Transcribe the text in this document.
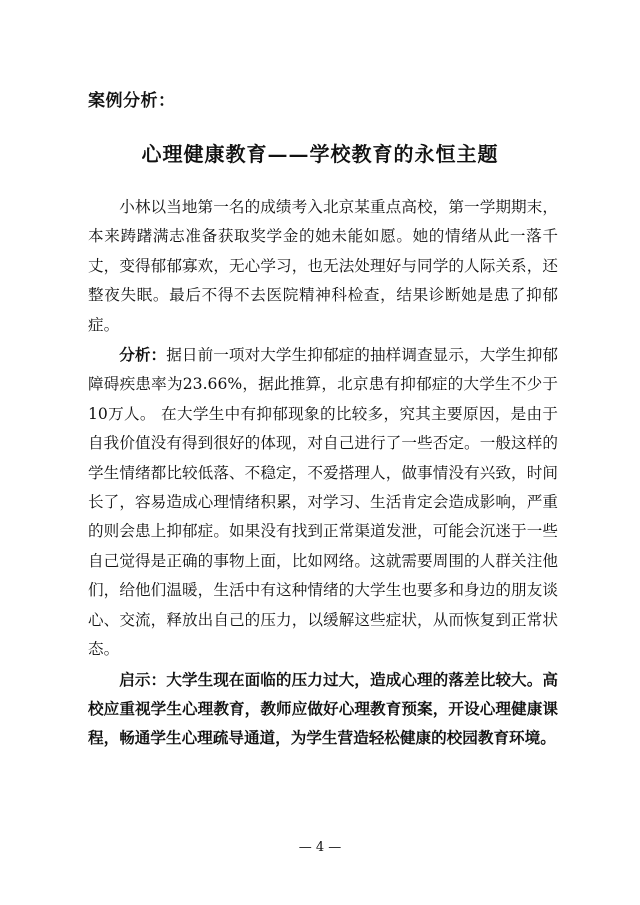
案例分析：
心理健康教育——学校教育的永恒主题

小林以当地第一名的成绩考入北京某重点高校，第一学期期末，本来踌躇满志准备获取奖学金的她未能如愿。她的情绪从此一落千丈，变得郁郁寡欢，无心学习，也无法处理好与同学的人际关系，还整夜失眠。最后不得不去医院精神科检查，结果诊断她是患了抑郁症。

分析：据日前一项对大学生抑郁症的抽样调查显示，大学生抑郁障碍疾患率为23.66%，据此推算，北京患有抑郁症的大学生不少于10万人。 在大学生中有抑郁现象的比较多，究其主要原因，是由于自我价值没有得到很好的体现，对自己进行了一些否定。一般这样的学生情绪都比较低落、不稳定，不爱搭理人，做事情没有兴致，时间长了，容易造成心理情绪积累，对学习、生活肯定会造成影响，严重的则会患上抑郁症。如果没有找到正常渠道发泄，可能会沉迷于一些自己觉得是正确的事物上面，比如网络。这就需要周围的人群关注他们，给他们温暖，生活中有这种情绪的大学生也要多和身边的朋友谈心、交流，释放出自己的压力，以缓解这些症状，从而恢复到正常状态。

启示：大学生现在面临的压力过大，造成心理的落差比较大。高校应重视学生心理教育，教师应做好心理教育预案，开设心理健康课程，畅通学生心理疏导通道，为学生营造轻松健康的校园教育环境。

— 4 —
